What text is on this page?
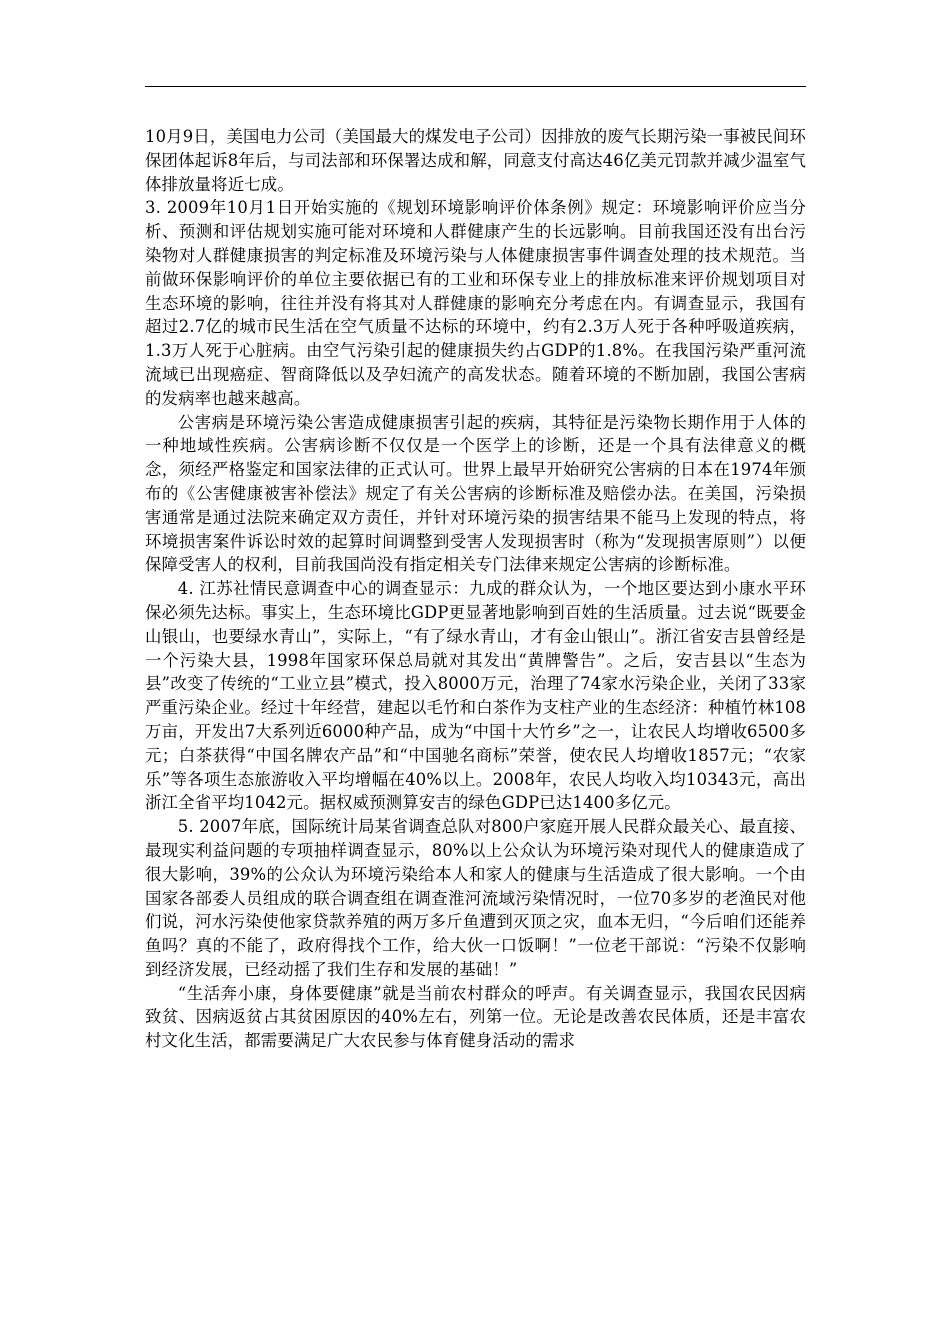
10月9日，美国电力公司（美国最大的煤发电子公司）因排放的废气长期污染一事被民间环保团体起诉8年后，与司法部和环保署达成和解，同意支付高达46亿美元罚款并减少温室气体排放量将近七成。

3. 2009年10月1日开始实施的《规划环境影响评价体条例》规定：环境影响评价应当分析、预测和评估规划实施可能对环境和人群健康产生的长远影响。目前我国还没有出台污染物对人群健康损害的判定标准及环境污染与人体健康损害事件调查处理的技术规范。当前做环保影响评价的单位主要依据已有的工业和环保专业上的排放标准来评价规划项目对生态环境的影响，往往并没有将其对人群健康的影响充分考虑在内。有调查显示，我国有超过2.7亿的城市民生活在空气质量不达标的环境中，约有2.3万人死于各种呼吸道疾病，1.3万人死于心脏病。由空气污染引起的健康损失约占GDP的1.8%。在我国污染严重河流流域已出现癌症、智商降低以及孕妇流产的高发状态。随着环境的不断加剧，我国公害病的发病率也越来越高。

公害病是环境污染公害造成健康损害引起的疾病，其特征是污染物长期作用于人体的一种地域性疾病。公害病诊断不仅仅是一个医学上的诊断，还是一个具有法律意义的概念，须经严格鉴定和国家法律的正式认可。世界上最早开始研究公害病的日本在1974年颁布的《公害健康被害补偿法》规定了有关公害病的诊断标准及赔偿办法。在美国，污染损害通常是通过法院来确定双方责任，并针对环境污染的损害结果不能马上发现的特点，将环境损害案件诉讼时效的起算时间调整到受害人发现损害时（称为“发现损害原则”）以便保障受害人的权利，目前我国尚没有指定相关专门法律来规定公害病的诊断标准。

4. 江苏社情民意调查中心的调查显示：九成的群众认为，一个地区要达到小康水平环保必须先达标。事实上，生态环境比GDP更显著地影响到百姓的生活质量。过去说“既要金山银山，也要绿水青山”，实际上，“有了绿水青山，才有金山银山”。浙江省安吉县曾经是一个污染大县，1998年国家环保总局就对其发出“黄牌警告”。之后，安吉县以“生态为县”改变了传统的“工业立县”模式，投入8000万元，治理了74家水污染企业，关闭了33家严重污染企业。经过十年经营，建起以毛竹和白茶作为支柱产业的生态经济：种植竹林108万亩，开发出7大系列近6000种产品，成为“中国十大竹乡”之一，让农民人均增收6500多元；白茶获得“中国名牌农产品”和“中国驰名商标”荣誉，使农民人均增收1857元；“农家乐”等各项生态旅游收入平均增幅在40%以上。2008年，农民人均收入均10343元，高出浙江全省平均1042元。据权威预测算安吉的绿色GDP已达1400多亿元。

5. 2007年底，国际统计局某省调查总队对800户家庭开展人民群众最关心、最直接、最现实利益问题的专项抽样调查显示，80%以上公众认为环境污染对现代人的健康造成了很大影响，39%的公众认为环境污染给本人和家人的健康与生活造成了很大影响。一个由国家各部委人员组成的联合调查组在调查淮河流域污染情况时，一位70多岁的老渔民对他们说，河水污染使他家贷款养殖的两万多斤鱼遭到灭顶之灾，血本无归，“今后咱们还能养鱼吗？真的不能了，政府得找个工作，给大伙一口饭啊！”一位老干部说：“污染不仅影响到经济发展，已经动摇了我们生存和发展的基础！”

“生活奔小康，身体要健康”就是当前农村群众的呼声。有关调查显示，我国农民因病致贫、因病返贫占其贫困原因的40%左右，列第一位。无论是改善农民体质，还是丰富农村文化生活，都需要满足广大农民参与体育健身活动的需求
